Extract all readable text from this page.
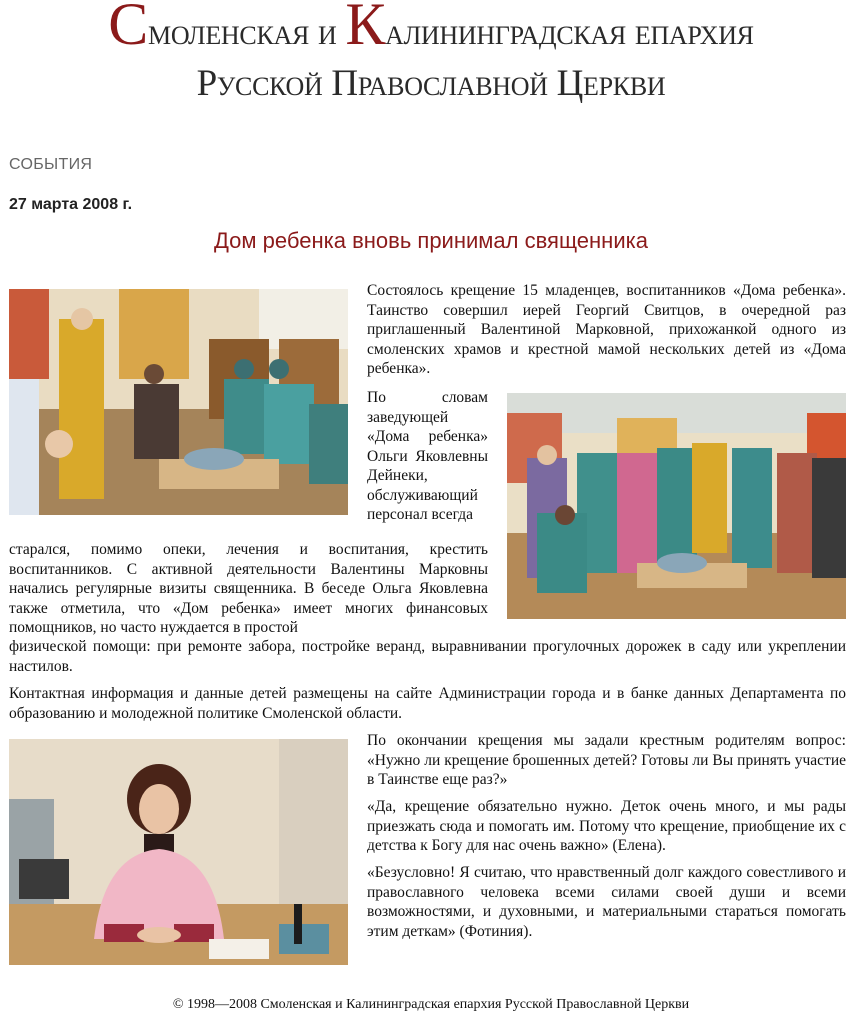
Смоленская и Калининградская епархия
Русской Православной Церкви
СОБЫТИЯ
27 марта 2008 г.
Дом ребенка вновь принимал священника

Состоялось крещение 15 младенцев, воспитанников «Дома ребенка». Таинство совершил иерей Георгий Свитцов, в очередной раз приглашенный Валентиной Марковной, прихожанкой одного из смоленских храмов и крестной мамой нескольких детей из «Дома ребенка».

По словам заведующей «Дома ребенка» Ольги Яковлевны Дейнеки, обслуживающий персонал всегда

старался, помимо опеки, лечения и воспитания, крестить воспитанников. С активной деятельности Валентины Марковны начались регулярные визиты священника. В беседе Ольга Яковлевна также отметила, что «Дом ребенка» имеет многих финансовых помощников, но часто нуждается в простой

физической помощи: при ремонте забора, постройке веранд, выравнивании прогулочных дорожек в саду или укреплении настилов.

Контактная информация и данные детей размещены на сайте Администрации города и в банке данных Департамента по образованию и молодежной политике Смоленской области.

По окончании крещения мы задали крестным родителям вопрос: «Нужно ли крещение брошенных детей? Готовы ли Вы принять участие в Таинстве еще раз?»

«Да, крещение обязательно нужно. Деток очень много, и мы рады приезжать сюда и помогать им. Потому что крещение, приобщение их с детства к Богу для нас очень важно» (Елена).

«Безусловно! Я считаю, что нравственный долг каждого совестливого и православного человека всеми силами своей души и всеми возможностями, и духовными, и материальными стараться помогать этим деткам» (Фотиния).

© 1998—2008 Смоленская и Калининградская епархия Русской Православной Церкви
